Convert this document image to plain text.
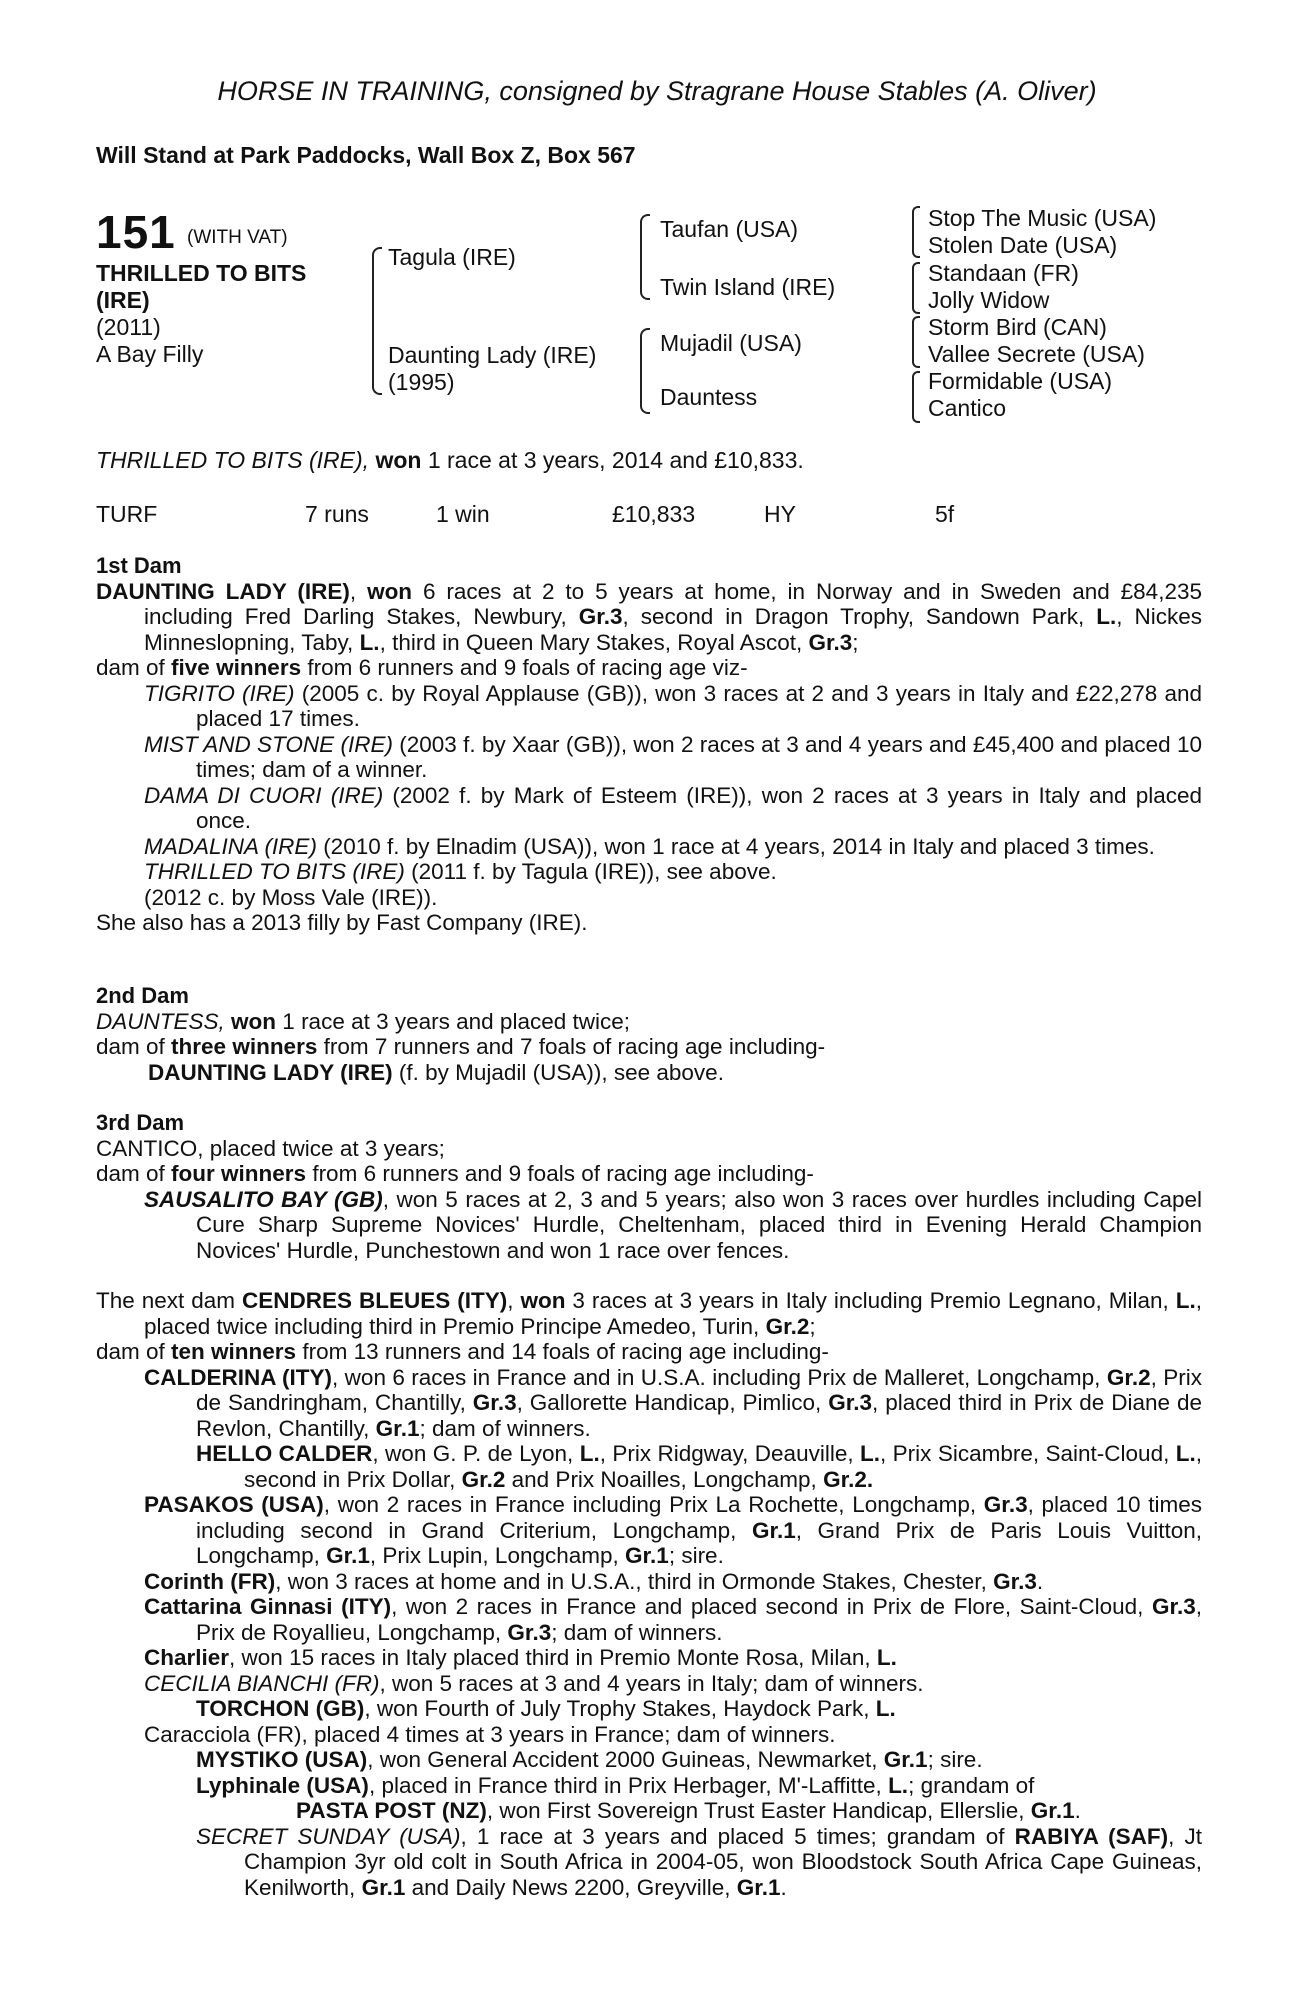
HORSE IN TRAINING, consigned by Stragrane House Stables (A. Oliver)
Will Stand at Park Paddocks, Wall Box Z, Box 567
151 (WITH VAT)
THRILLED TO BITS
(IRE)
(2011)
A Bay Filly
Tagula (IRE)
Daunting Lady (IRE)
(1995)
Taufan (USA)
Twin Island (IRE)
Mujadil (USA)
Dauntess
Stop The Music (USA)
Stolen Date (USA)
Standaan (FR)
Jolly Widow
Storm Bird (CAN)
Vallee Secrete (USA)
Formidable (USA)
Cantico
THRILLED TO BITS (IRE), won 1 race at 3 years, 2014 and £10,833.
TURF	7 runs	1 win	£10,833	HY	5f

1st Dam

DAUNTING LADY (IRE), won 6 races at 2 to 5 years at home, in Norway and in Sweden and £84,235 including Fred Darling Stakes, Newbury, Gr.3, second in Dragon Trophy, Sandown Park, L., Nickes Minneslopning, Taby, L., third in Queen Mary Stakes, Royal Ascot, Gr.3;

dam of five winners from 6 runners and 9 foals of racing age viz-

TIGRITO (IRE) (2005 c. by Royal Applause (GB)), won 3 races at 2 and 3 years in Italy and £22,278 and placed 17 times.

MIST AND STONE (IRE) (2003 f. by Xaar (GB)), won 2 races at 3 and 4 years and £45,400 and placed 10 times; dam of a winner.

DAMA DI CUORI (IRE) (2002 f. by Mark of Esteem (IRE)), won 2 races at 3 years in Italy and placed once.

MADALINA (IRE) (2010 f. by Elnadim (USA)), won 1 race at 4 years, 2014 in Italy and placed 3 times.

THRILLED TO BITS (IRE) (2011 f. by Tagula (IRE)), see above.

(2012 c. by Moss Vale (IRE)).

She also has a 2013 filly by Fast Company (IRE).

2nd Dam

DAUNTESS, won 1 race at 3 years and placed twice;

dam of three winners from 7 runners and 7 foals of racing age including-

DAUNTING LADY (IRE) (f. by Mujadil (USA)), see above.

3rd Dam

CANTICO, placed twice at 3 years;

dam of four winners from 6 runners and 9 foals of racing age including-

SAUSALITO BAY (GB), won 5 races at 2, 3 and 5 years; also won 3 races over hurdles including Capel Cure Sharp Supreme Novices' Hurdle, Cheltenham, placed third in Evening Herald Champion Novices' Hurdle, Punchestown and won 1 race over fences.

The next dam CENDRES BLEUES (ITY), won 3 races at 3 years in Italy including Premio Legnano, Milan, L., placed twice including third in Premio Principe Amedeo, Turin, Gr.2;

dam of ten winners from 13 runners and 14 foals of racing age including-

CALDERINA (ITY), won 6 races in France and in U.S.A. including Prix de Malleret, Longchamp, Gr.2, Prix de Sandringham, Chantilly, Gr.3, Gallorette Handicap, Pimlico, Gr.3, placed third in Prix de Diane de Revlon, Chantilly, Gr.1; dam of winners.

HELLO CALDER, won G. P. de Lyon, L., Prix Ridgway, Deauville, L., Prix Sicambre, Saint-Cloud, L., second in Prix Dollar, Gr.2 and Prix Noailles, Longchamp, Gr.2.

PASAKOS (USA), won 2 races in France including Prix La Rochette, Longchamp, Gr.3, placed 10 times including second in Grand Criterium, Longchamp, Gr.1, Grand Prix de Paris Louis Vuitton, Longchamp, Gr.1, Prix Lupin, Longchamp, Gr.1; sire.

Corinth (FR), won 3 races at home and in U.S.A., third in Ormonde Stakes, Chester, Gr.3.

Cattarina Ginnasi (ITY), won 2 races in France and placed second in Prix de Flore, Saint-Cloud, Gr.3, Prix de Royallieu, Longchamp, Gr.3; dam of winners.

Charlier, won 15 races in Italy placed third in Premio Monte Rosa, Milan, L.

CECILIA BIANCHI (FR), won 5 races at 3 and 4 years in Italy; dam of winners.

TORCHON (GB), won Fourth of July Trophy Stakes, Haydock Park, L.

Caracciola (FR), placed 4 times at 3 years in France; dam of winners.

MYSTIKO (USA), won General Accident 2000 Guineas, Newmarket, Gr.1; sire.

Lyphinale (USA), placed in France third in Prix Herbager, M'-Laffitte, L.; grandam of

PASTA POST (NZ), won First Sovereign Trust Easter Handicap, Ellerslie, Gr.1.

SECRET SUNDAY (USA), 1 race at 3 years and placed 5 times; grandam of RABIYA (SAF), Jt Champion 3yr old colt in South Africa in 2004-05, won Bloodstock South Africa Cape Guineas, Kenilworth, Gr.1 and Daily News 2200, Greyville, Gr.1.
